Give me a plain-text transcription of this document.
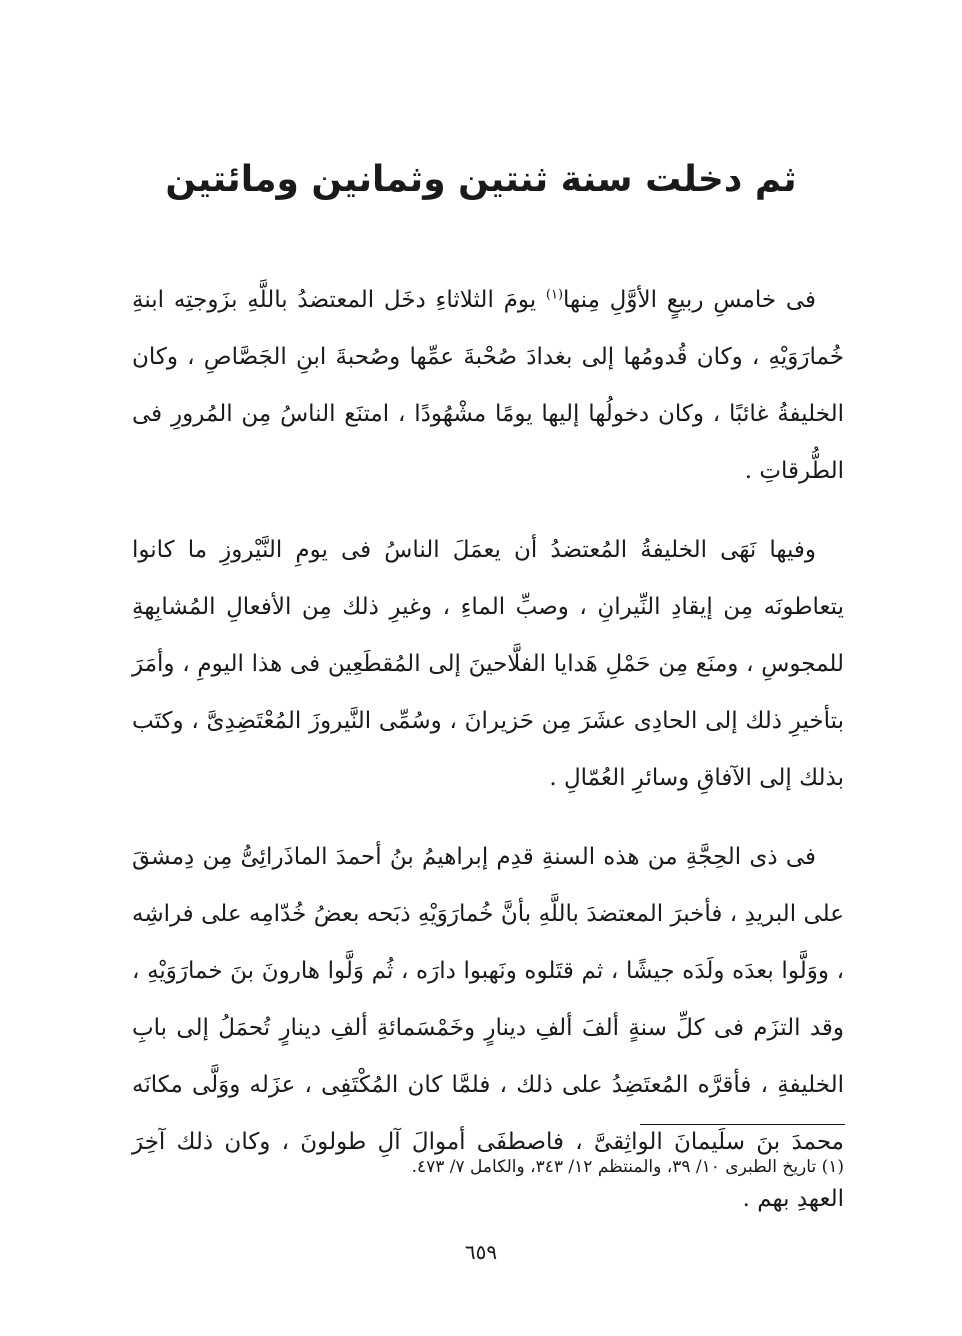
ثم دخلت سنة ثنتين وثمانين ومائتين

فى خامسِ ربيعٍ الأوَّلِ مِنها$^{(١)}$ يومَ الثلاثاءِ دخَل المعتضدُ باللَّهِ بزَوجتِه ابنةِ خُمارَوَيْهِ ، وكان قُدومُها إلى بغدادَ صُحْبةَ عمِّها وصُحبةَ ابنِ الجَصَّاصِ ، وكان الخليفةُ غائبًا ، وكان دخولُها إليها يومًا مشْهُودًا ، امتنَع الناسُ مِن المُرورِ فى الطُّرقاتِ .

وفيها نَهَى الخليفةُ المُعتضدُ أن يعمَلَ الناسُ فى يومِ النَّيْروزِ ما كانوا يتعاطونَه مِن إيقادِ النِّيرانِ ، وصبِّ الماءِ ، وغيرِ ذلك مِن الأفعالِ المُشابِهةِ للمجوسِ ، ومنَع مِن حَمْلِ هَدايا الفلَّاحينَ إلى المُقطَعِين فى هذا اليومِ ، وأمَرَ بتأخيرِ ذلك إلى الحادِى عشَرَ مِن حَزيرانَ ، وسُمِّى النَّيروزَ المُعْتَضِدِىَّ ، وكتَب بذلك إلى الآفاقِ وسائرِ العُمّالِ .

فى ذى الحِجَّةِ من هذه السنةِ قدِم إبراهيمُ بنُ أحمدَ الماذَرائِىُّ مِن دِمشقَ على البريدِ ، فأخبرَ المعتضدَ باللَّهِ بأنَّ خُمارَوَيْهِ ذبَحه بعضُ خُدّامِه على فراشِه ، ووَلَّوا بعدَه ولَدَه جيشًا ، ثم قتَلوه ونَهبوا دارَه ، ثُم وَلَّوا هارونَ بنَ خمارَوَيْهِ ، وقد التزَم فى كلِّ سنةٍ ألفَ ألفِ دينارٍ وخَمْسَمائةِ ألفِ دينارٍ تُحمَلُ إلى بابِ الخليفةِ ، فأقرَّه المُعتَضِدُ على ذلك ، فلمَّا كان المُكْتَفِى ، عزَله ووَلَّى مكانَه محمدَ بنَ سلَيمانَ الواثِقىَّ ، فاصطفَى أموالَ آلِ طولونَ ، وكان ذلك آخِرَ العهدِ بهم .

(١) تاريخ الطبرى ١٠/ ٣٩، والمنتظم ١٢/ ٣٤٣، والكامل ٧/ ٤٧٣.
٦٥٩
